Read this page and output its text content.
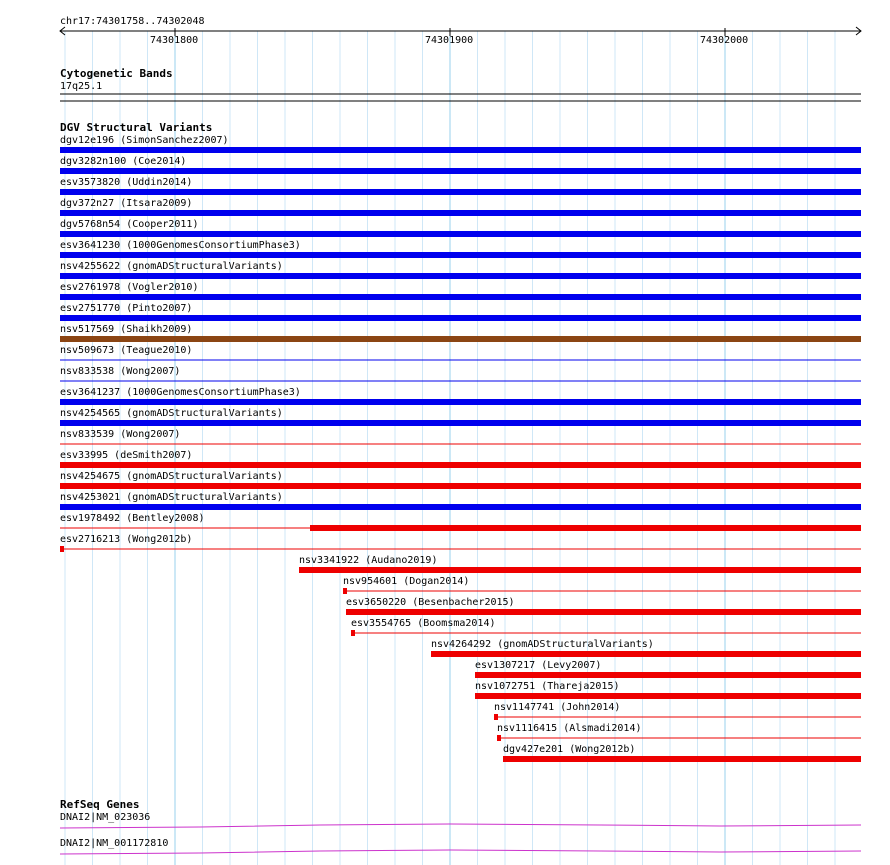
chr17:74301758..74302048
74301800	74301900	74302000
Cytogenetic Bands
17q25.1
DGV Structural Variants
dgv12e196 (SimonSanchez2007)
dgv3282n100 (Coe2014)
esv3573820 (Uddin2014)
dgv372n27 (Itsara2009)
dgv5768n54 (Cooper2011)
esv3641230 (1000GenomesConsortiumPhase3)
nsv4255622 (gnomADStructuralVariants)
esv2761978 (Vogler2010)
esv2751770 (Pinto2007)
nsv517569 (Shaikh2009)
nsv509673 (Teague2010)
nsv833538 (Wong2007)
esv3641237 (1000GenomesConsortiumPhase3)
nsv4254565 (gnomADStructuralVariants)
nsv833539 (Wong2007)
esv33995 (deSmith2007)
nsv4254675 (gnomADStructuralVariants)
nsv4253021 (gnomADStructuralVariants)
esv1978492 (Bentley2008)
esv2716213 (Wong2012b)
nsv3341922 (Audano2019)
nsv954601 (Dogan2014)
esv3650220 (Besenbacher2015)
esv3554765 (Boomsma2014)
nsv4264292 (gnomADStructuralVariants)
esv1307217 (Levy2007)
nsv1072751 (Thareja2015)
nsv1147741 (John2014)
nsv1116415 (Alsmadi2014)
dgv427e201 (Wong2012b)
RefSeq Genes
DNAI2|NM_023036
DNAI2|NM_001172810
